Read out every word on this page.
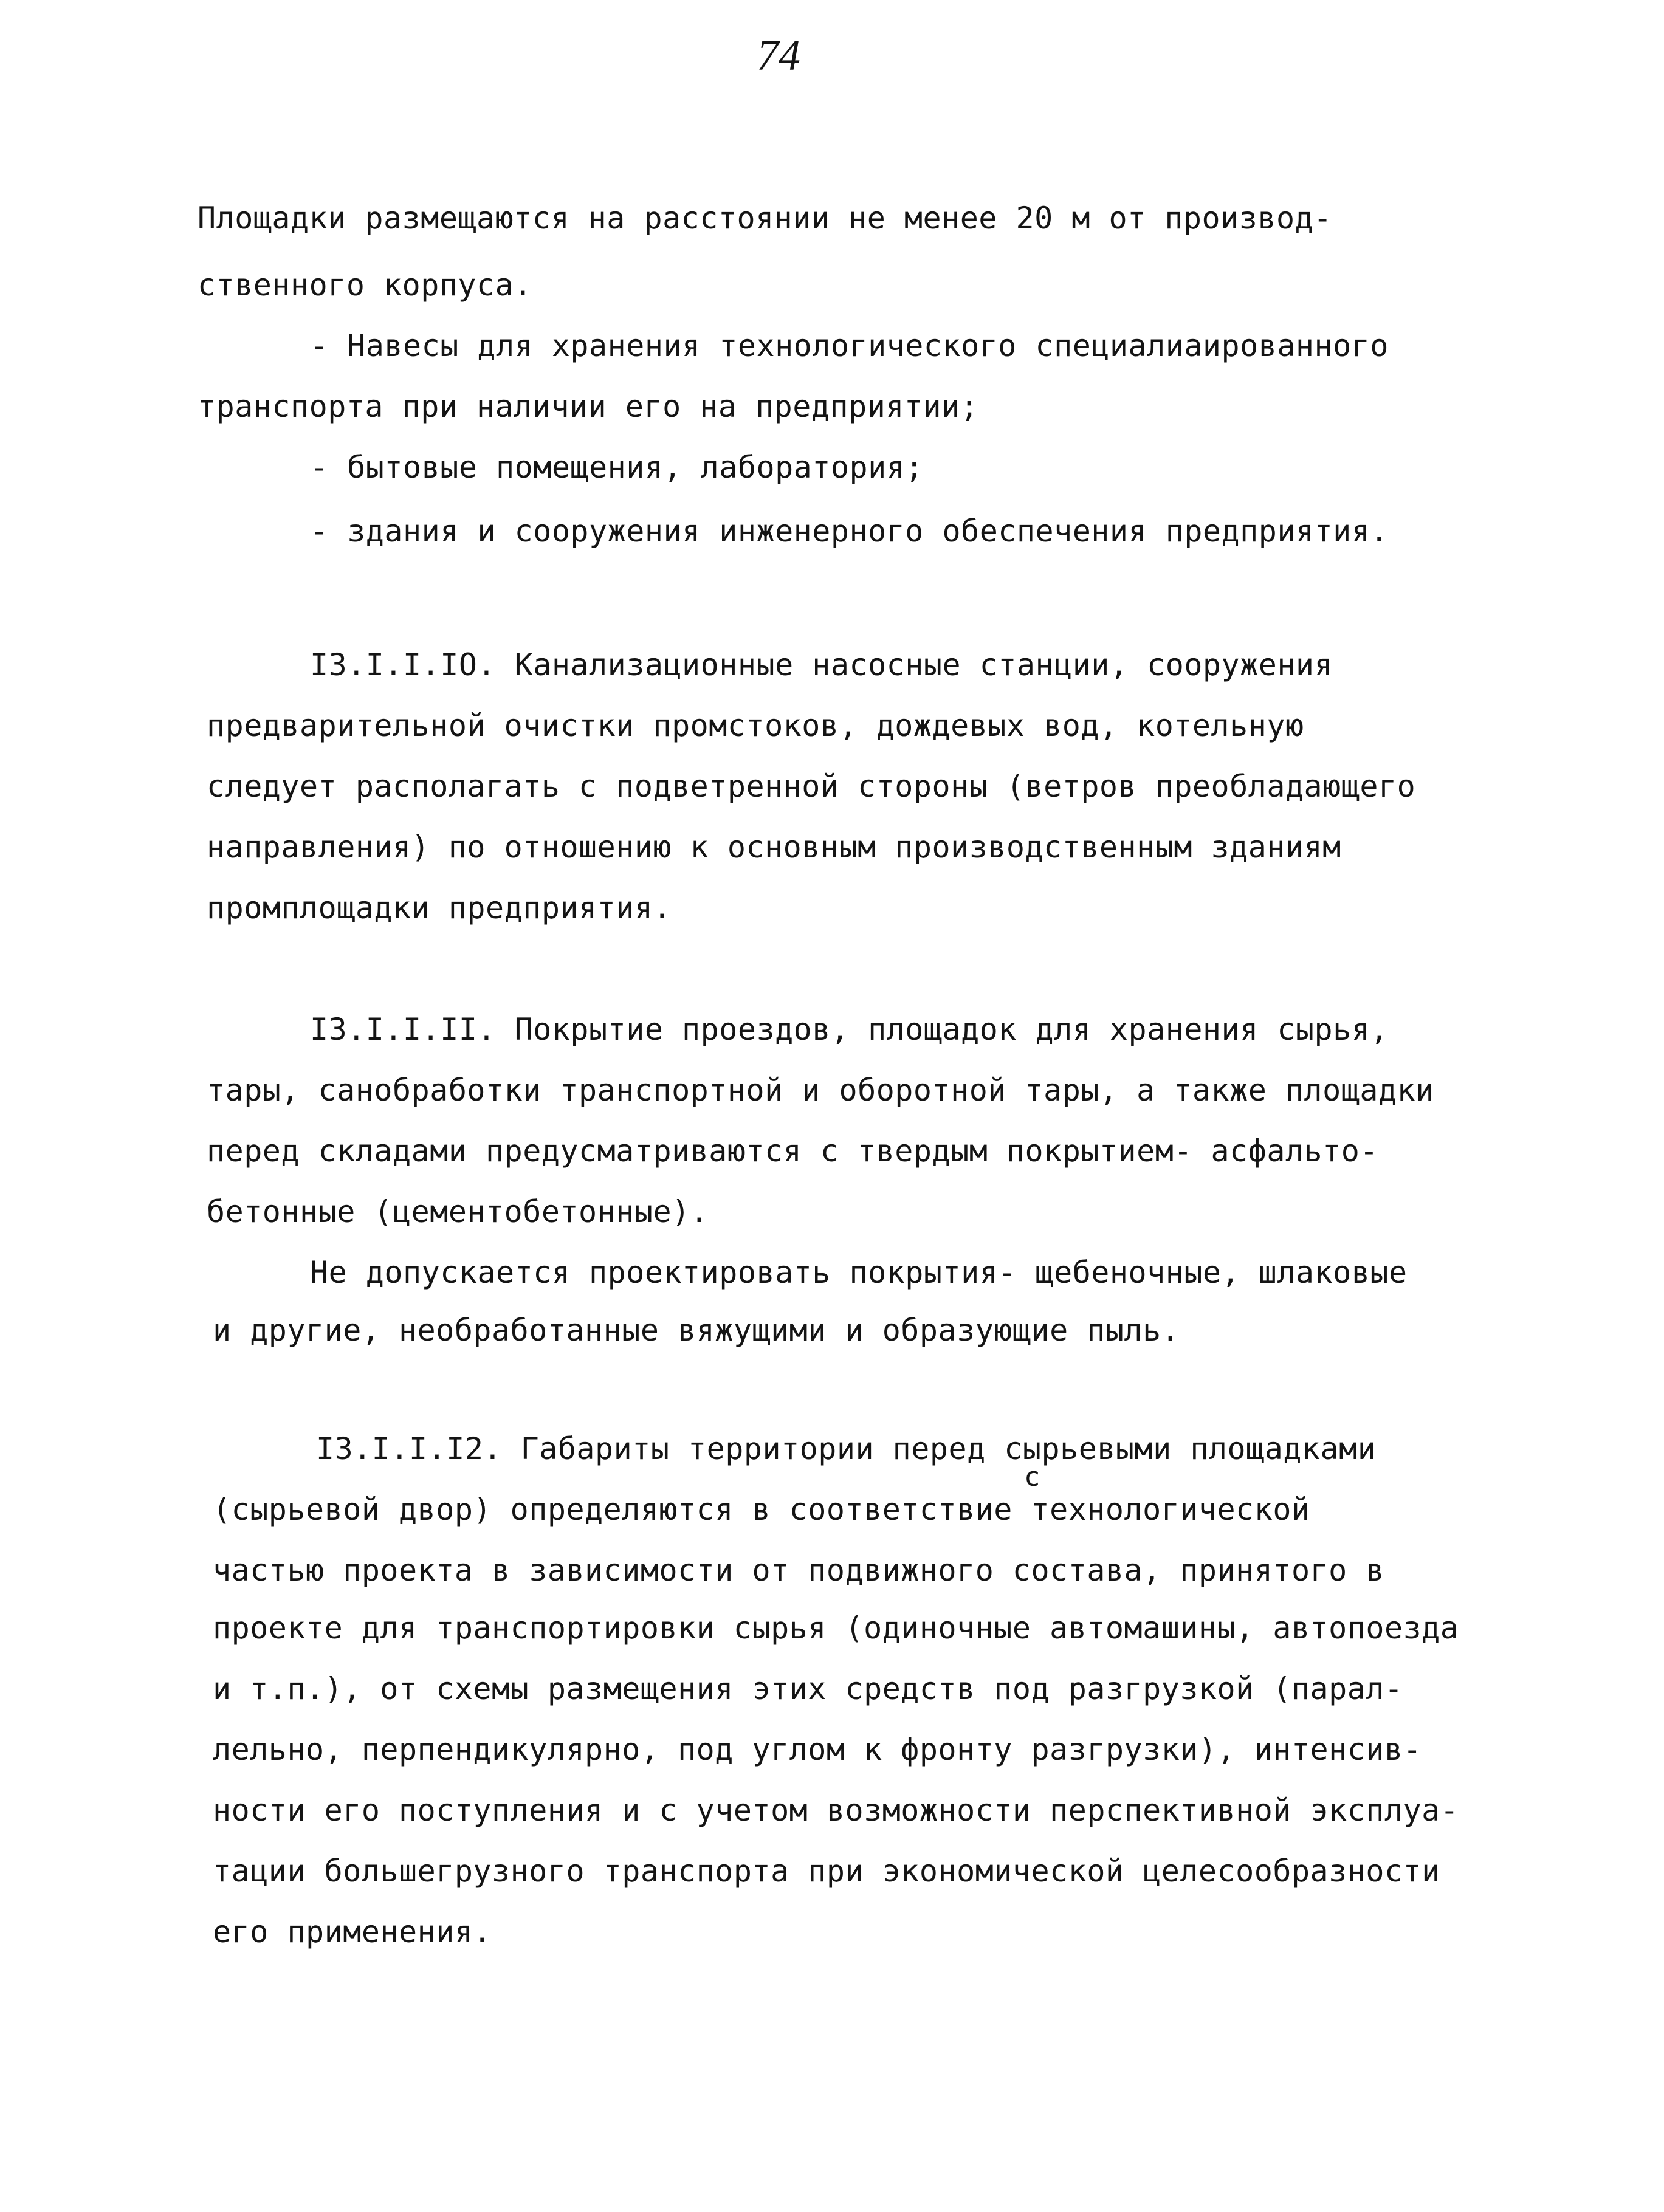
74
Площадки размещаются на расстоянии не менее 20 м от производ-
ственного корпуса.
- Навесы для хранения технологического специалиаированного
транспорта при наличии его на предприятии;
- бытовые помещения, лаборатория;
- здания и сооружения инженерного обеспечения предприятия.
I3.I.I.IO. Канализационные насосные станции, сооружения
предварительной очистки промстоков, дождевых вод, котельную
следует располагать с подветренной стороны (ветров преобладающего
направления) по отношению к основным производственным зданиям
промплощадки предприятия.
I3.I.I.II. Покрытие проездов, площадок для хранения сырья,
тары, санобработки транспортной и оборотной тары, а также площадки
перед складами предусматриваются с твердым покрытием- асфальто-
бетонные (цементобетонные).
Не допускается проектировать покрытия- щебеночные, шлаковые
и другие, необработанные вяжущими и образующие пыль.
I3.I.I.I2. Габариты территории перед сырьевыми площадками
с
(сырьевой двор) определяются в соответствие технологической
частью проекта в зависимости от подвижного состава, принятого в
проекте для транспортировки сырья (одиночные автомашины, автопоезда
и т.п.), от схемы размещения этих средств под разгрузкой (парал-
лельно, перпендикулярно, под углом к фронту разгрузки), интенсив-
ности его поступления и с учетом возможности перспективной эксплуа-
тации большегрузного транспорта при экономической целесообразности
его применения.
